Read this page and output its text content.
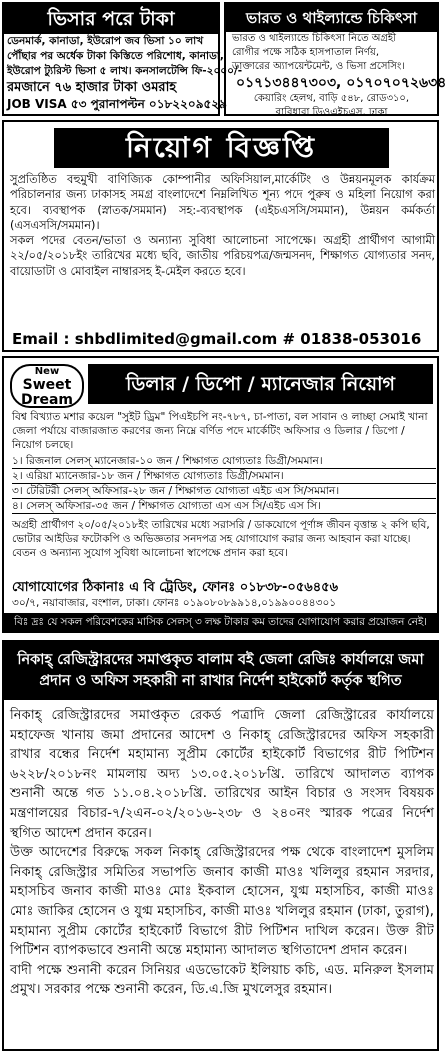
ভিসার পরে টাকা
ডেনমার্ক, কানাডা, ইউরোপ জব ভিসা ১০ লাখ
পৌঁছার পর অর্ধেক টাকা কিস্তিতে পরিশোধ, কানাডা,
ইউরোপ ট্যুরিস্ট ভিসা ৫ লাখ। কনসালটেন্সি ফি-২০০০/-
রমজানে ৭৬ হাজার টাকা ওমরাহ
JOB VISA ৫৩ পুরানাপল্টন ০১৮২২০৯৫২৯
ভারত ও থাইল্যান্ডে চিকিৎসা
ভারত ও থাইল্যান্ডে চিকিৎসা নিতে অগ্রহী
রোগীর পক্ষে সঠিক হাসপাতাল নির্ণয়,
ডাক্তারের অ্যাপয়েন্টমেন্ট, ও ভিসা প্রসেসিং।
০১৭১৩৪৪৭৩০৩, ০১৭০৭০৭২৬৩৪
কেয়ারিং হেলথ, বাড়ি ৫৪৮, রোড৩১০,
বারিধারা ডিওএইচএস, ঢাকা
নিয়োগ বিজ্ঞপ্তি

সুপ্রতিষ্ঠিত বহুমুখী বাণিজ্যিক কোম্পানীর অফিসিয়াল,মার্কেটিং ও উন্নয়নমূলক কার্যক্রম পরিচালনার জন্য ঢাকাসহ সমগ্র বাংলাদেশে নিম্নলিখিত শূন্য পদে পুরুষ ও মহিলা নিয়োগ করা হবে। ব্যবস্থাপক (স্নাতক/সমমান) সহ:-ব্যবস্থাপক (এইচএসসি/সমমান), উন্নয়ন কর্মকর্তা (এসএসসি/সমমান)।

সকল পদের বেতন/ভাতা ও অন্যান্য সুবিধা আলোচনা সাপেক্ষে। অগ্রহী প্রার্থীগণ আগামী ২২/০৫/২০১৮ইং তারিখের মধ্যে ছবি, জাতীয় পরিচয়পত্র/জন্মসনদ, শিক্ষাগত যোগ্যতার সনদ, বায়োডাটা ও মোবাইল নাম্বারসহ ই-মেইল করতে হবে।

Email : shbdlimited@gmail.com # 01838-053016
New
Sweet Dream
ডিলার / ডিপো / ম্যানেজার নিয়োগ
বিশ্ব বিখ্যাত মশার কয়েল "সুইট ড্রিম" পিএইচপি নং-৭৮৭, চা-পাতা, বল সাবান ও লাচ্ছা সেমাই খানা জেলা পর্যায়ে বাজারজাত করণের জন্য নিম্নে বর্ণিত পদে মার্কেটিং অফিসার ও ডিলার / ডিপো / নিয়োগ চলছে।
১। রিজনাল সেলস্‌ ম্যানেজার-১০ জন / শিক্ষাগত যোগ্যতাঃ ডিগ্রী/সমমান।
২। এরিয়া ম্যানেজার-১৮ জন / শিক্ষাগত যোগ্যতাঃ ডিগ্রী/সমমান।
৩। টেরিটরী সেলস্‌ অফিসার-২৮ জন / শিক্ষাগত যোগ্যতা এইচ এস সি/সমমান।
৪। সেলস্‌ অফিসার-৩৫ জন / শিক্ষাগত যোগ্যতা এস এস সি/এইচ এস সি।
অগ্রহী প্রার্থীগণ ২০/০৫/২০১৮ইং তারিখের মধ্যে সরাসরি / ডাকযোগে পূর্ণাঙ্গ জীবন বৃত্তান্ত ২ কপি ছবি, ভোটার আইডির ফটোকপি ও অভিজ্ঞতার সনদপত্র সহ যোগাযোগ করার জন্য আহবান করা যাচ্ছে। বেতন ও অন্যান্য সুযোগ সুবিধা আলোচনা স্বাপেক্ষে প্রদান করা হবে।
যোগাযোগের ঠিকানাঃ এ বি ট্রেডিং, ফোনঃ ০১৮৩৮-০৫৬৪৫৬
৩০/৭, নয়াবাজার, বংশাল, ঢাকা। ফোনঃ ০১৯০৮০৮৯৯১৪,০১৯৯০০৪৪৩০১
বিঃ দ্রঃ যে সকল পরিবেশকের মাসিক সেলস্‌ ৩ লক্ষ টাকার কম তাদের যোগাযোগ করার প্রয়োজন নেই।
নিকাহ্‌ রেজিস্ট্রারদের সমাপ্তকৃত বালাম বই জেলা রেজিঃ কার্যালয়ে জমা প্রদান ও অফিস সহকারী না রাখার নির্দেশ হাইকোর্ট কর্তৃক স্থগিত

নিকাহ্‌ রেজিস্ট্রারদের সমাপ্তকৃত রেকর্ড পত্রাদি জেলা রেজিস্ট্রারের কার্যালয়ে মহাফেজ খানায় জমা প্রদানের আদেশ ও নিকাহ্‌ রেজিস্ট্রারদের অফিস সহকারী রাখার বন্ধের নির্দেশ মহামান্য সুপ্রীম কোর্টের হাইকোর্ট বিভাগের রীট পিটিশন ৬২২৮/২০১৮নং মামলায় অদ্য ১৩.০৫.২০১৮খ্রি. তারিখে আদালত ব্যাপক শুনানী অন্তে গত ১১.০৪.২০১৮খ্রি. তারিখের আইন বিচার ও সংসদ বিষয়ক মন্ত্রণালয়ের বিচার-৭/২এন-০২/২০১৬-২৩৮ ও ২৪০নং স্মারক পত্রের নির্দেশ স্থগিত আদেশ প্রদান করেন।

উক্ত আদেশের বিরুদ্ধে সকল নিকাহ্‌ রেজিস্ট্রারদের পক্ষ থেকে বাংলাদেশ মুসলিম নিকাহ্‌ রেজিস্ট্রার সমিতির সভাপতি জনাব কাজী মাওঃ খলিলুর রহমান সরদার, মহাসচিব জনাব কাজী মাওঃ মোঃ ইকবাল হোসেন, যুগ্ম মহাসচিব, কাজী মাওঃ মোঃ জাকির হোসেন ও যুগ্ম মহাসচিব, কাজী মাওঃ খলিলুর রহমান (ঢাকা, তুরাগ), মহামান্য সুপ্রীম কোর্টের হাইকোর্ট বিভাগে রীট পিটিশন দাখিল করেন। উক্ত রীট পিটিশন ব্যাপকভাবে শুনানী অন্তে মহামান্য আদালত স্থগিতাদেশ প্রদান করেন।

বাদী পক্ষে শুনানী করেন সিনিয়র এডভোকেট ইলিয়াচ কচি, এড. মনিরুল ইসলাম প্রমুখ। সরকার পক্ষে শুনানী করেন, ডি.এ.জি মুখলেসুর রহমান।
